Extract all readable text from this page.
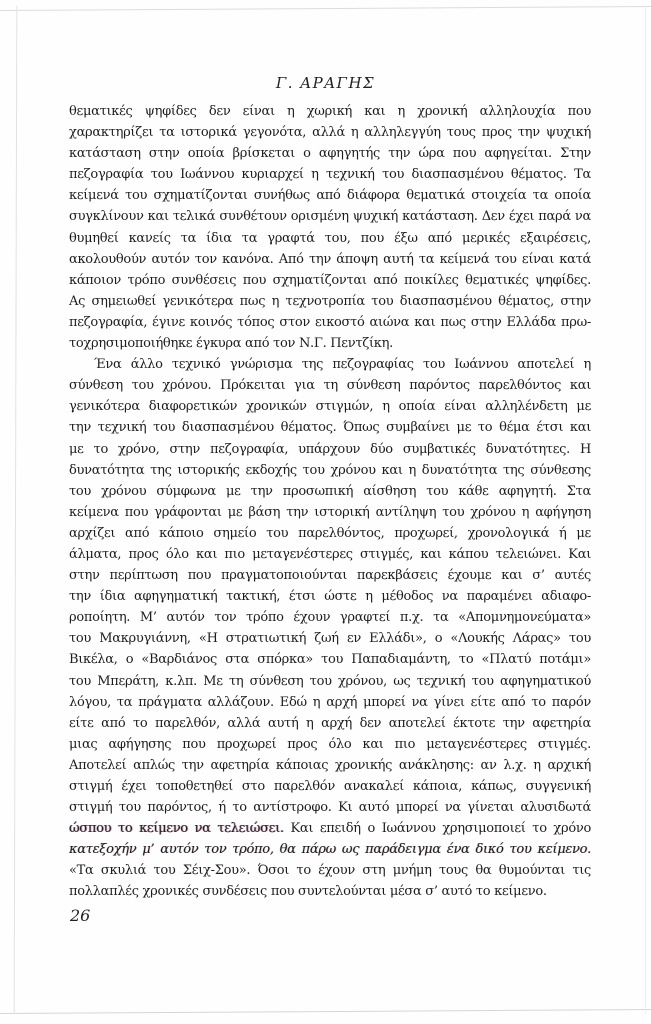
Γ. ΑΡΑΓΗΣ
θεματικές ψηφίδες δεν είναι η χωρική και η χρονική αλληλουχία που
χαρακτηρίζει τα ιστορικά γεγονότα, αλλά η αλληλεγγύη τους προς την ψυχική
κατάσταση στην οποία βρίσκεται ο αφηγητής την ώρα που αφηγείται. Στην
πεζογραφία του Ιωάννου κυριαρχεί η τεχνική του διασπασμένου θέματος. Τα
κείμενά του σχηματίζονται συνήθως από διάφορα θεματικά στοιχεία τα οποία
συγκλίνουν και τελικά συνθέτουν ορισμένη ψυχική κατάσταση. Δεν έχει παρά να
θυμηθεί κανείς τα ίδια τα γραφτά του, που έξω από μερικές εξαιρέσεις,
ακολουθούν αυτόν τον κανόνα. Από την άποψη αυτή τα κείμενά του είναι κατά
κάποιον τρόπο συνθέσεις που σχηματίζονται από ποικίλες θεματικές ψηφίδες.
Ας σημειωθεί γενικότερα πως η τεχνοτροπία του διασπασμένου θέματος, στην
πεζογραφία, έγινε κοινός τόπος στον εικοστό αιώνα και πως στην Ελλάδα πρω-
τοχρησιμοποιήθηκε έγκυρα από τον Ν.Γ. Πεντζίκη.
Ένα άλλο τεχνικό γνώρισμα της πεζογραφίας του Ιωάννου αποτελεί η
σύνθεση του χρόνου. Πρόκειται για τη σύνθεση παρόντος παρελθόντος και
γενικότερα διαφορετικών χρονικών στιγμών, η οποία είναι αλληλένδετη με
την τεχνική του διασπασμένου θέματος. Όπως συμβαίνει με το θέμα έτσι και
με το χρόνο, στην πεζογραφία, υπάρχουν δύο συμβατικές δυνατότητες. Η
δυνατότητα της ιστορικής εκδοχής του χρόνου και η δυνατότητα της σύνθεσης
του χρόνου σύμφωνα με την προσωπική αίσθηση του κάθε αφηγητή. Στα
κείμενα που γράφονται με βάση την ιστορική αντίληψη του χρόνου η αφήγηση
αρχίζει από κάποιο σημείο του παρελθόντος, προχωρεί, χρονολογικά ή με
άλματα, προς όλο και πιο μεταγενέστερες στιγμές, και κάπου τελειώνει. Και
στην περίπτωση που πραγματοποιούνται παρεκβάσεις έχουμε και σ’ αυτές
την ίδια αφηγηματική τακτική, έτσι ώστε η μέθοδος να παραμένει αδιαφο-
ροποίητη. Μ’ αυτόν τον τρόπο έχουν γραφτεί π.χ. τα «Απομνημονεύματα»
του Μακρυγιάννη, «Η στρατιωτική ζωή εν Ελλάδι», ο «Λουκής Λάρας» του
Βικέλα, ο «Βαρδιάνος στα σπόρκα» του Παπαδιαμάντη, το «Πλατύ ποτάμι»
του Μπεράτη, κ.λπ. Με τη σύνθεση του χρόνου, ως τεχνική του αφηγηματικού
λόγου, τα πράγματα αλλάζουν. Εδώ η αρχή μπορεί να γίνει είτε από το παρόν
είτε από το παρελθόν, αλλά αυτή η αρχή δεν αποτελεί έκτοτε την αφετηρία
μιας αφήγησης που προχωρεί προς όλο και πιο μεταγενέστερες στιγμές.
Αποτελεί απλώς την αφετηρία κάποιας χρονικής ανάκλησης: αν λ.χ. η αρχική
στιγμή έχει τοποθετηθεί στο παρελθόν ανακαλεί κάποια, κάπως, συγγενική
στιγμή του παρόντος, ή το αντίστροφο. Κι αυτό μπορεί να γίνεται αλυσιδωτά
ώσπου το κείμενο να τελειώσει. Και επειδή ο Ιωάννου χρησιμοποιεί το χρόνο
κατεξοχήν μ’ αυτόν τον τρόπο, θα πάρω ως παράδειγμα ένα δικό του κείμενο.
«Τα σκυλιά του Σέιχ-Σου». Όσοι το έχουν στη μνήμη τους θα θυμούνται τις
πολλαπλές χρονικές συνδέσεις που συντελούνται μέσα σ’ αυτό το κείμενο.
26
